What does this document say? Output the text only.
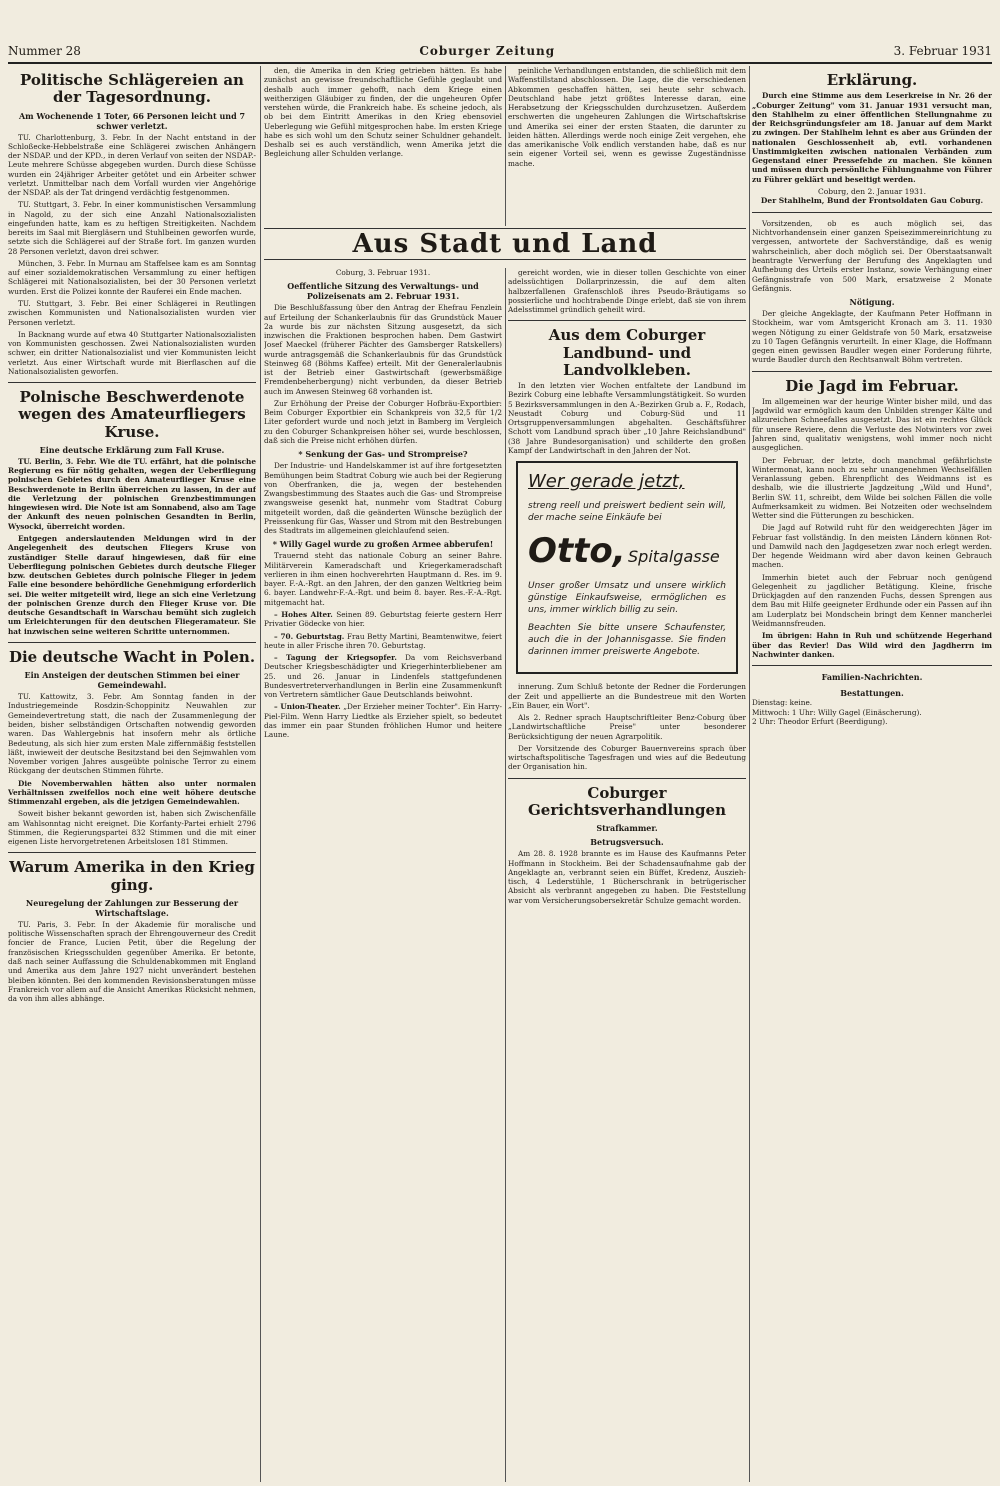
Nummer 28	Coburger Zeitung	3. Februar 1931
Politische Schlägereien an der Tagesordnung.
Am Wochenende 1 Toter, 66 Personen leicht und 7 schwer verletzt.

TU. Charlottenburg, 3. Febr. In der Nacht entstand in der Schloßecke-Hebbelstraße eine Schlägerei zwischen Anhängern der NSDAP. und der KPD., in deren Verlauf von seiten der NSDAP.-Leute mehrere Schüsse abgegeben wurden. Durch diese Schüsse wurden ein 24jähriger Arbeiter getötet und ein Arbeiter schwer verletzt. Unmittelbar nach dem Vorfall wurden vier Angehörige der NSDAP. als der Tat dringend verdächtig festgenommen.

TU. Stuttgart, 3. Febr. In einer kommunistischen Versammlung in Nagold, zu der sich eine Anzahl Nationalsozialisten eingefunden hatte, kam es zu heftigen Streitigkeiten. Nachdem bereits im Saal mit Biergläsern und Stuhlbeinen geworfen wurde, setzte sich die Schlägerei auf der Straße fort. Im ganzen wurden 28 Personen verletzt, davon drei schwer.

München, 3. Febr. In Murnau am Staffelsee kam es am Sonntag auf einer sozialdemokratischen Versammlung zu einer heftigen Schlägerei mit Nationalsozialisten, bei der 30 Personen verletzt wurden. Erst die Polizei konnte der Rauferei ein Ende machen.

TU. Stuttgart, 3. Febr. Bei einer Schlägerei in Reutlingen zwischen Kommunisten und Nationalsozialisten wurden vier Personen verletzt.

In Backnang wurde auf etwa 40 Stuttgarter Nationalsozialisten von Kommunisten geschossen. Zwei Nationalsozialisten wurden schwer, ein dritter Nationalsozialist und vier Kommunisten leicht verletzt. Aus einer Wirtschaft wurde mit Bierflaschen auf die Nationalsozialisten geworfen.

Polnische Beschwerdenote wegen des Amateurfliegers Kruse.
Eine deutsche Erklärung zum Fall Kruse.

TU. Berlin, 3. Febr. Wie die TU. erfährt, hat die polnische Regierung es für nötig gehalten, wegen der Ueberfliegung polnischen Gebietes durch den Amateurflieger Kruse eine Beschwerdenote in Berlin überreichen zu lassen, in der auf die Verletzung der polnischen Grenzbestimmungen hingewiesen wird. Die Note ist am Sonnabend, also am Tage der Ankunft des neuen polnischen Gesandten in Berlin, Wysocki, überreicht worden.

Entgegen anderslautenden Meldungen wird in der Angelegenheit des deutschen Fliegers Kruse von zuständiger Stelle darauf hingewiesen, daß für eine Ueberfliegung polnischen Gebietes durch deutsche Flieger bzw. deutschen Gebietes durch polnische Flieger in jedem Falle eine besondere behördliche Genehmigung erforderlich sei. Die weiter mitgeteilt wird, liege an sich eine Verletzung der polnischen Grenze durch den Flieger Kruse vor. Die deutsche Gesandtschaft in Warschau bemüht sich zugleich um Erleichterungen für den deutschen Fliegeramateur. Sie hat inzwischen seine weiteren Schritte unternommen.

Die deutsche Wacht in Polen.
Ein Ansteigen der deutschen Stimmen bei einer Gemeindewahl.

TU. Kattowitz, 3. Febr. Am Sonntag fanden in der Industriegemeinde Rosdzin-Schoppinitz Neuwahlen zur Gemeindevertretung statt, die nach der Zusammenlegung der beiden, bisher selbständigen Ortschaften notwendig geworden waren. Das Wahlergebnis hat insofern mehr als örtliche Bedeutung, als sich hier zum ersten Male ziffernmäßig feststellen läßt, inwieweit der deutsche Besitzstand bei den Sejmwahlen vom November vorigen Jahres ausgeübte polnische Terror zu einem Rückgang der deutschen Stimmen führte.

Die Novemberwahlen hätten also unter normalen Verhältnissen zweifellos noch eine weit höhere deutsche Stimmenzahl ergeben, als die jetzigen Gemeindewahlen.

Soweit bisher bekannt geworden ist, haben sich Zwischenfälle am Wahlsonntag nicht ereignet. Die Korfanty-Partei erhielt 2796 Stimmen, die Regierungspartei 832 Stimmen und die mit einer eigenen Liste hervorgetretenen Arbeitslosen 181 Stimmen.

Warum Amerika in den Krieg ging.
Neuregelung der Zahlungen zur Besserung der Wirtschaftslage.

TU. Paris, 3. Febr. In der Akademie für moralische und politische Wissenschaften sprach der Ehrengouverneur des Credit foncier de France, Lucien Petit, über die Regelung der französischen Kriegsschulden gegenüber Amerika. Er betonte, daß nach seiner Auffassung die Schuldenabkommen mit England und Amerika aus dem Jahre 1927 nicht unverändert bestehen bleiben könnten. Bei den kommenden Revisionsberatungen müsse Frankreich vor allem auf die Ansicht Amerikas Rücksicht nehmen, da von ihm alles abhänge.

den, die Amerika in den Krieg getrieben hätten. Es habe zunächst an gewisse freundschaftliche Gefühle geglaubt und deshalb auch immer gehofft, nach dem Kriege einen weitherzigen Gläubiger zu finden, der die ungeheuren Opfer verstehen würde, die Frankreich habe. Es scheine jedoch, als ob bei dem Eintritt Amerikas in den Krieg ebensoviel Ueberlegung wie Gefühl mitgesprochen habe. Im ersten Kriege habe es sich wohl um den Schutz seiner Schuldner gehandelt. Deshalb sei es auch verständlich, wenn Amerika jetzt die Begleichung aller Schulden verlange.

peinliche Verhandlungen entstanden, die schließlich mit dem Waffenstillstand abschlossen. Die Lage, die die verschiedenen Abkommen geschaffen hätten, sei heute sehr schwach. Deutschland habe jetzt größtes Interesse daran, eine Herabsetzung der Kriegsschulden durchzusetzen. Außerdem erschwerten die ungeheuren Zahlungen die Wirtschaftskrise und Amerika sei einer der ersten Staaten, die darunter zu leiden hätten. Allerdings werde noch einige Zeit vergehen, ehe das amerikanische Volk endlich verstanden habe, daß es nur sein eigener Vorteil sei, wenn es gewisse Zugeständnisse mache.

Aus Stadt und Land
Coburg, 3. Februar 1931.
Oeffentliche Sitzung des Verwaltungs- und Polizeisenats am 2. Februar 1931.

Die Beschlußfassung über den Antrag der Ehefrau Fenzlein auf Erteilung der Schankerlaubnis für das Grundstück Mauer 2a wurde bis zur nächsten Sitzung ausgesetzt, da sich inzwischen die Fraktionen besprochen haben. Dem Gastwirt Josef Maeckel (früherer Pächter des Gamsberger Ratskellers) wurde antragsgemäß die Schankerlaubnis für das Grundstück Steinweg 68 (Böhms Kaffee) erteilt. Mit der Generalerlaubnis ist der Betrieb einer Gastwirtschaft (gewerbsmäßige Fremdenbeherbergung) nicht verbunden, da dieser Betrieb auch im Anwesen Steinweg 68 vorhanden ist.

Zur Erhöhung der Preise der Coburger Hofbräu-Exportbier: Beim Coburger Exportbier ein Schankpreis von 32,5 für 1/2 Liter gefordert wurde und noch jetzt in Bamberg im Vergleich zu den Coburger Schankpreisen höher sei, wurde beschlossen, daß sich die Preise nicht erhöhen dürfen.

* Senkung der Gas- und Strompreise?

Der Industrie- und Handelskammer ist auf ihre fortgesetzten Bemühungen beim Stadtrat Coburg wie auch bei der Regierung von Oberfranken, die ja, wegen der bestehenden Zwangsbestimmung des Staates auch die Gas- und Strompreise zwangsweise gesenkt hat, nunmehr vom Stadtrat Coburg mitgeteilt worden, daß die geänderten Wünsche bezüglich der Preissenkung für Gas, Wasser und Strom mit den Bestrebungen des Stadtrats im allgemeinen gleichlaufend seien.

* Willy Gagel wurde zu großen Armee abberufen!

Trauernd steht das nationale Coburg an seiner Bahre. Militärverein Kameradschaft und Kriegerkameradschaft verlieren in ihm einen hochverehrten Hauptmann d. Res. im 9. bayer. F.-A.-Rgt. an den Jahren, der den ganzen Weltkrieg beim 6. bayer. Landwehr-F.-A.-Rgt. und beim 8. bayer. Res.-F.-A.-Rgt. mitgemacht hat.

– Hohes Alter. Seinen 89. Geburtstag feierte gestern Herr Privatier Gödecke von hier.

– 70. Geburtstag. Frau Betty Martini, Beamtenwitwe, feiert heute in aller Frische ihren 70. Geburtstag.

– Tagung der Kriegsopfer. Da vom Reichsverband Deutscher Kriegsbeschädigter und Kriegerhinterbliebener am 25. und 26. Januar in Lindenfels stattgefundenen Bundesvertreterverhandlungen in Berlin eine Zusammenkunft von Vertretern sämtlicher Gaue Deutschlands beiwohnt.

– Union-Theater. „Der Erzieher meiner Tochter". Ein Harry-Piel-Film. Wenn Harry Liedtke als Erzieher spielt, so bedeutet das immer ein paar Stunden fröhlichen Humor und heitere Laune.

gereicht worden, wie in dieser tollen Geschichte von einer adelssüchtigen Dollarprinzessin, die auf dem alten halbzerfallenen Grafenschloß ihres Pseudo-Bräutigams so possierliche und hochtrabende Dinge erlebt, daß sie von ihrem Adelsstimmel gründlich geheilt wird.

Aus dem Coburger Landbund- und Landvolkleben.

In den letzten vier Wochen entfaltete der Landbund im Bezirk Coburg eine lebhafte Versammlungstätigkeit. So wurden 5 Bezirksversammlungen in den A.-Bezirken Grub a. F., Rodach, Neustadt Coburg und Coburg-Süd und 11 Ortsgruppenversammlungen abgehalten. Geschäftsführer Schott vom Landbund sprach über „10 Jahre Reichslandbund" (38 Jahre Bundesorganisation) und schilderte den großen Kampf der Landwirtschaft in den Jahren der Not.

Wer gerade jetzt,
streng reell und preiswert bedient sein will, der mache seine Einkäufe bei
Otto, Spitalgasse
Unser großer Umsatz und unsere wirklich günstige Einkaufsweise, ermöglichen es uns, immer wirklich billig zu sein.
Beachten Sie bitte unsere Schaufenster, auch die in der Johannisgasse. Sie finden darinnen immer preiswerte Angebote.

innerung. Zum Schluß betonte der Redner die Forderungen der Zeit und appellierte an die Bundestreue mit den Worten „Ein Bauer, ein Wort".

Als 2. Redner sprach Hauptschriftleiter Benz-Coburg über „Landwirtschaftliche Preise" unter besonderer Berücksichtigung der neuen Agrarpolitik.

Der Vorsitzende des Coburger Bauernvereins sprach über wirtschaftspolitische Tagesfragen und wies auf die Bedeutung der Organisation hin.

Coburger Gerichtsverhandlungen
Strafkammer.
Betrugsversuch.

Am 28. 8. 1928 brannte es im Hause des Kaufmanns Peter Hoffmann in Stockheim. Bei der Schadensaufnahme gab der Angeklagte an, verbrannt seien ein Büffet, Kredenz, Ausziehtisch, 4 Lederstühle, 1 Bücherschrank in betrügerischer Absicht als verbrannt angegeben zu haben. Die Feststellung war vom Versicherungsobersekretär Schulze gemacht worden.

Erklärung.

Durch eine Stimme aus dem Leserkreise in Nr. 26 der „Coburger Zeitung" vom 31. Januar 1931 versucht man, den Stahlhelm zu einer öffentlichen Stellungnahme zu der Reichsgründungsfeier am 18. Januar auf dem Markt zu zwingen. Der Stahlhelm lehnt es aber aus Gründen der nationalen Geschlossenheit ab, evtl. vorhandenen Unstimmigkeiten zwischen nationalen Verbänden zum Gegenstand einer Pressefehde zu machen. Sie können und müssen durch persönliche Fühlungnahme von Führer zu Führer geklärt und beseitigt werden.

Coburg, den 2. Januar 1931.
Der Stahlhelm, Bund der Frontsoldaten Gau Coburg.

Vorsitzenden, ob es auch möglich sei, das Nichtvorhandensein einer ganzen Speisezimmereinrichtung zu vergessen, antwortete der Sachverständige, daß es wenig wahrscheinlich, aber doch möglich sei. Der Oberstaatsanwalt beantragte Verwerfung der Berufung des Angeklagten und Aufhebung des Urteils erster Instanz, sowie Verhängung einer Gefängnisstrafe von 500 Mark, ersatzweise 2 Monate Gefängnis.

Nötigung.

Der gleiche Angeklagte, der Kaufmann Peter Hoffmann in Stockheim, war vom Amtsgericht Kronach am 3. 11. 1930 wegen Nötigung zu einer Geldstrafe von 50 Mark, ersatzweise zu 10 Tagen Gefängnis verurteilt. In einer Klage, die Hoffmann gegen einen gewissen Baudler wegen einer Forderung führte, wurde Baudler durch den Rechtsanwalt Böhm vertreten.

Die Jagd im Februar.

Im allgemeinen war der heurige Winter bisher mild, und das Jagdwild war ermöglich kaum den Unbilden strenger Kälte und allzureichen Schneefalles ausgesetzt. Das ist ein rechtes Glück für unsere Reviere, denn die Verluste des Notwinters vor zwei Jahren sind, qualitativ wenigstens, wohl immer noch nicht ausgeglichen.

Der Februar, der letzte, doch manchmal gefährlichste Wintermonat, kann noch zu sehr unangenehmen Wechselfällen Veranlassung geben. Ehrenpflicht des Weidmanns ist es deshalb, wie die illustrierte Jagdzeitung „Wild und Hund", Berlin SW. 11, schreibt, dem Wilde bei solchen Fällen die volle Aufmerksamkeit zu widmen. Bei Notzeiten oder wechselndem Wetter sind die Fütterungen zu beschicken.

Die Jagd auf Rotwild ruht für den weidgerechten Jäger im Februar fast vollständig. In den meisten Ländern können Rot- und Damwild nach den Jagdgesetzen zwar noch erlegt werden. Der hegende Weidmann wird aber davon keinen Gebrauch machen.

Immerhin bietet auch der Februar noch genügend Gelegenheit zu jagdlicher Betätigung. Kleine, frische Drückjagden auf den ranzenden Fuchs, dessen Sprengen aus dem Bau mit Hilfe geeigneter Erdhunde oder ein Passen auf ihn am Luderplatz bei Mondschein bringt dem Kenner mancherlei Weidmannsfreuden.

Im übrigen: Hahn in Ruh und schützende Hegerhand über das Revier! Das Wild wird den Jagdherrn im Nachwinter danken.

Familien-Nachrichten.
Bestattungen.
Dienstag: keine.
Mittwoch: 1 Uhr: Willy Gagel (Einäscherung).
2 Uhr: Theodor Erfurt (Beerdigung).
